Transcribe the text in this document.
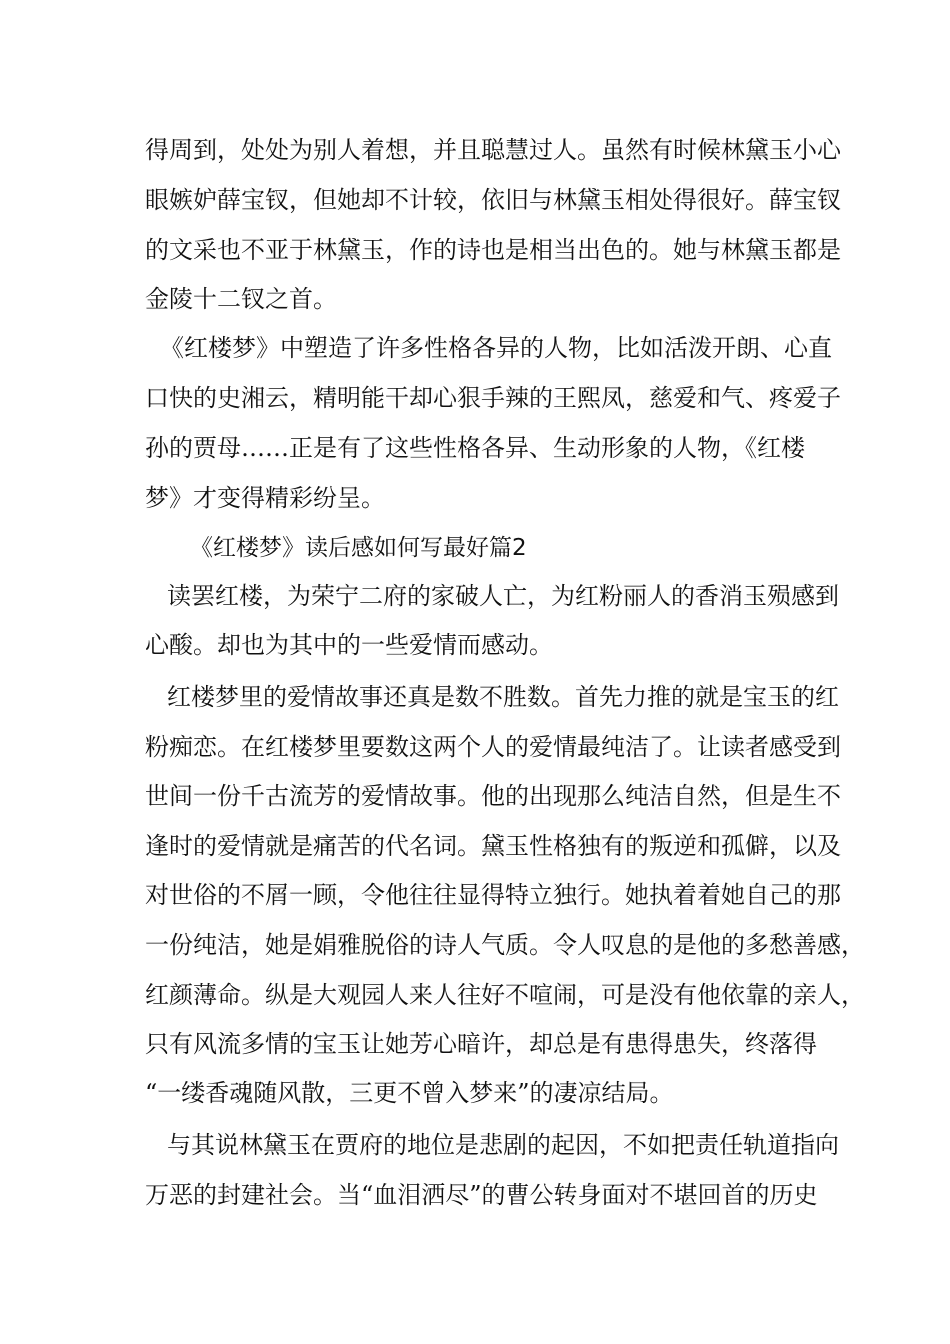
得周到，处处为别人着想，并且聪慧过人。虽然有时候林黛玉小心
眼嫉妒薛宝钗，但她却不计较，依旧与林黛玉相处得很好。薛宝钗
的文采也不亚于林黛玉，作的诗也是相当出色的。她与林黛玉都是
金陵十二钗之首。
《红楼梦》中塑造了许多性格各异的人物，比如活泼开朗、心直
口快的史湘云，精明能干却心狠手辣的王熙凤，慈爱和气、疼爱子
孙的贾母……正是有了这些性格各异、生动形象的人物，《红楼
梦》才变得精彩纷呈。
《红楼梦》读后感如何写最好篇2
读罢红楼，为荣宁二府的家破人亡，为红粉丽人的香消玉殒感到
心酸。却也为其中的一些爱情而感动。
红楼梦里的爱情故事还真是数不胜数。首先力推的就是宝玉的红
粉痴恋。在红楼梦里要数这两个人的爱情最纯洁了。让读者感受到
世间一份千古流芳的爱情故事。他的出现那么纯洁自然，但是生不
逢时的爱情就是痛苦的代名词。黛玉性格独有的叛逆和孤僻，以及
对世俗的不屑一顾，令他往往显得特立独行。她执着着她自己的那
一份纯洁，她是娟雅脱俗的诗人气质。令人叹息的是他的多愁善感，
红颜薄命。纵是大观园人来人往好不喧闹，可是没有他依靠的亲人，
只有风流多情的宝玉让她芳心暗许，却总是有患得患失，终落得
“一缕香魂随风散，三更不曾入梦来”的凄凉结局。
与其说林黛玉在贾府的地位是悲剧的起因，不如把责任轨道指向
万恶的封建社会。当“血泪洒尽”的曹公转身面对不堪回首的历史
